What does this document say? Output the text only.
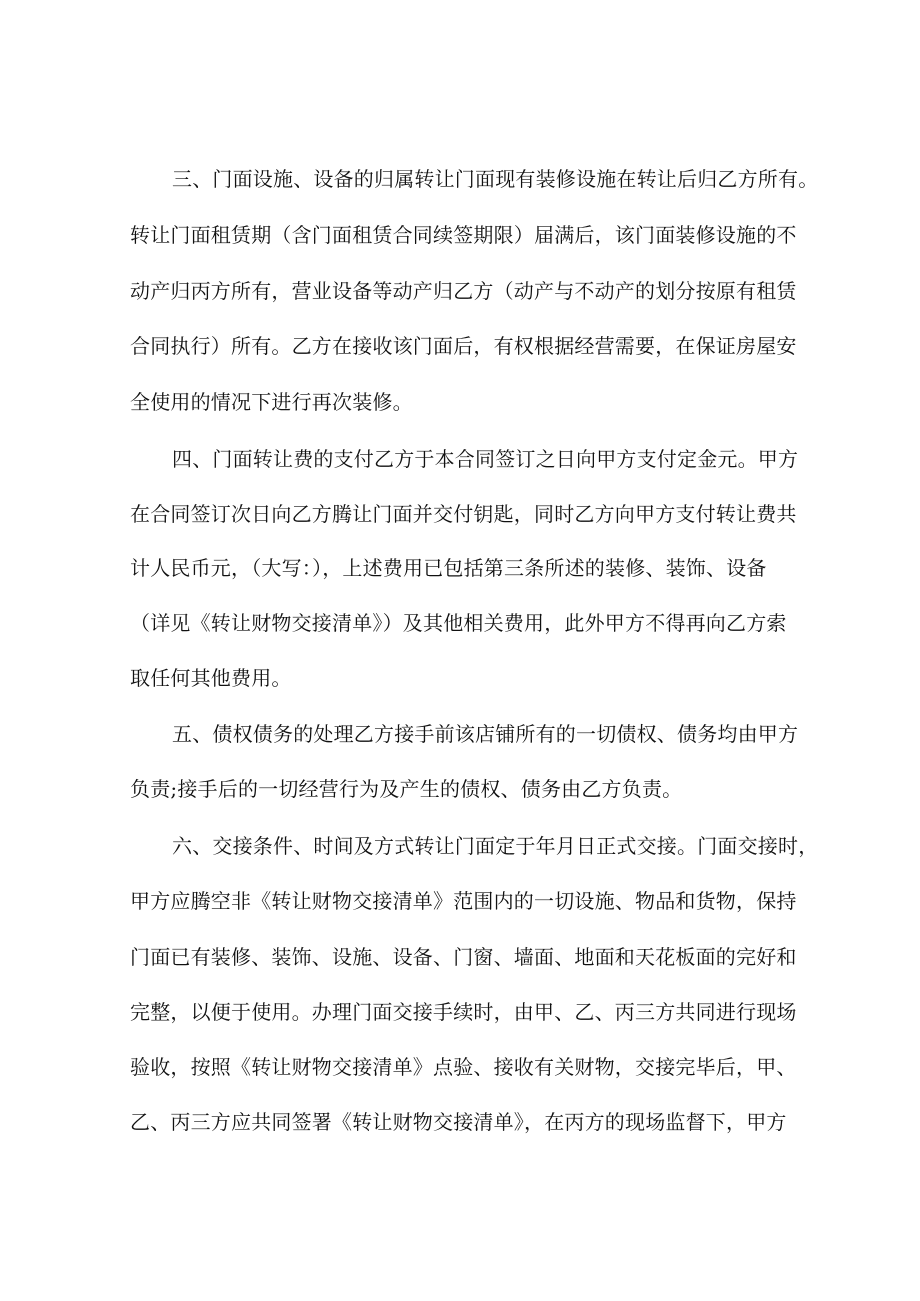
三、门面设施、设备的归属转让门面现有装修设施在转让后归乙方所有。

转让门面租赁期（含门面租赁合同续签期限）届满后，该门面装修设施的不

动产归丙方所有，营业设备等动产归乙方（动产与不动产的划分按原有租赁

合同执行）所有。乙方在接收该门面后，有权根据经营需要，在保证房屋安

全使用的情况下进行再次装修。

四、门面转让费的支付乙方于本合同签订之日向甲方支付定金元。甲方

在合同签订次日向乙方腾让门面并交付钥匙，同时乙方向甲方支付转让费共

计人民币元，（大写：），上述费用已包括第三条所述的装修、装饰、设备

（详见《转让财物交接清单》）及其他相关费用，此外甲方不得再向乙方索

取任何其他费用。

五、债权债务的处理乙方接手前该店铺所有的一切债权、债务均由甲方

负责;接手后的一切经营行为及产生的债权、债务由乙方负责。

六、交接条件、时间及方式转让门面定于年月日正式交接。门面交接时，

甲方应腾空非《转让财物交接清单》范围内的一切设施、物品和货物，保持

门面已有装修、装饰、设施、设备、门窗、墙面、地面和天花板面的完好和

完整，以便于使用。办理门面交接手续时，由甲、乙、丙三方共同进行现场

验收，按照《转让财物交接清单》点验、接收有关财物，交接完毕后，甲、

乙、丙三方应共同签署《转让财物交接清单》，在丙方的现场监督下，甲方
